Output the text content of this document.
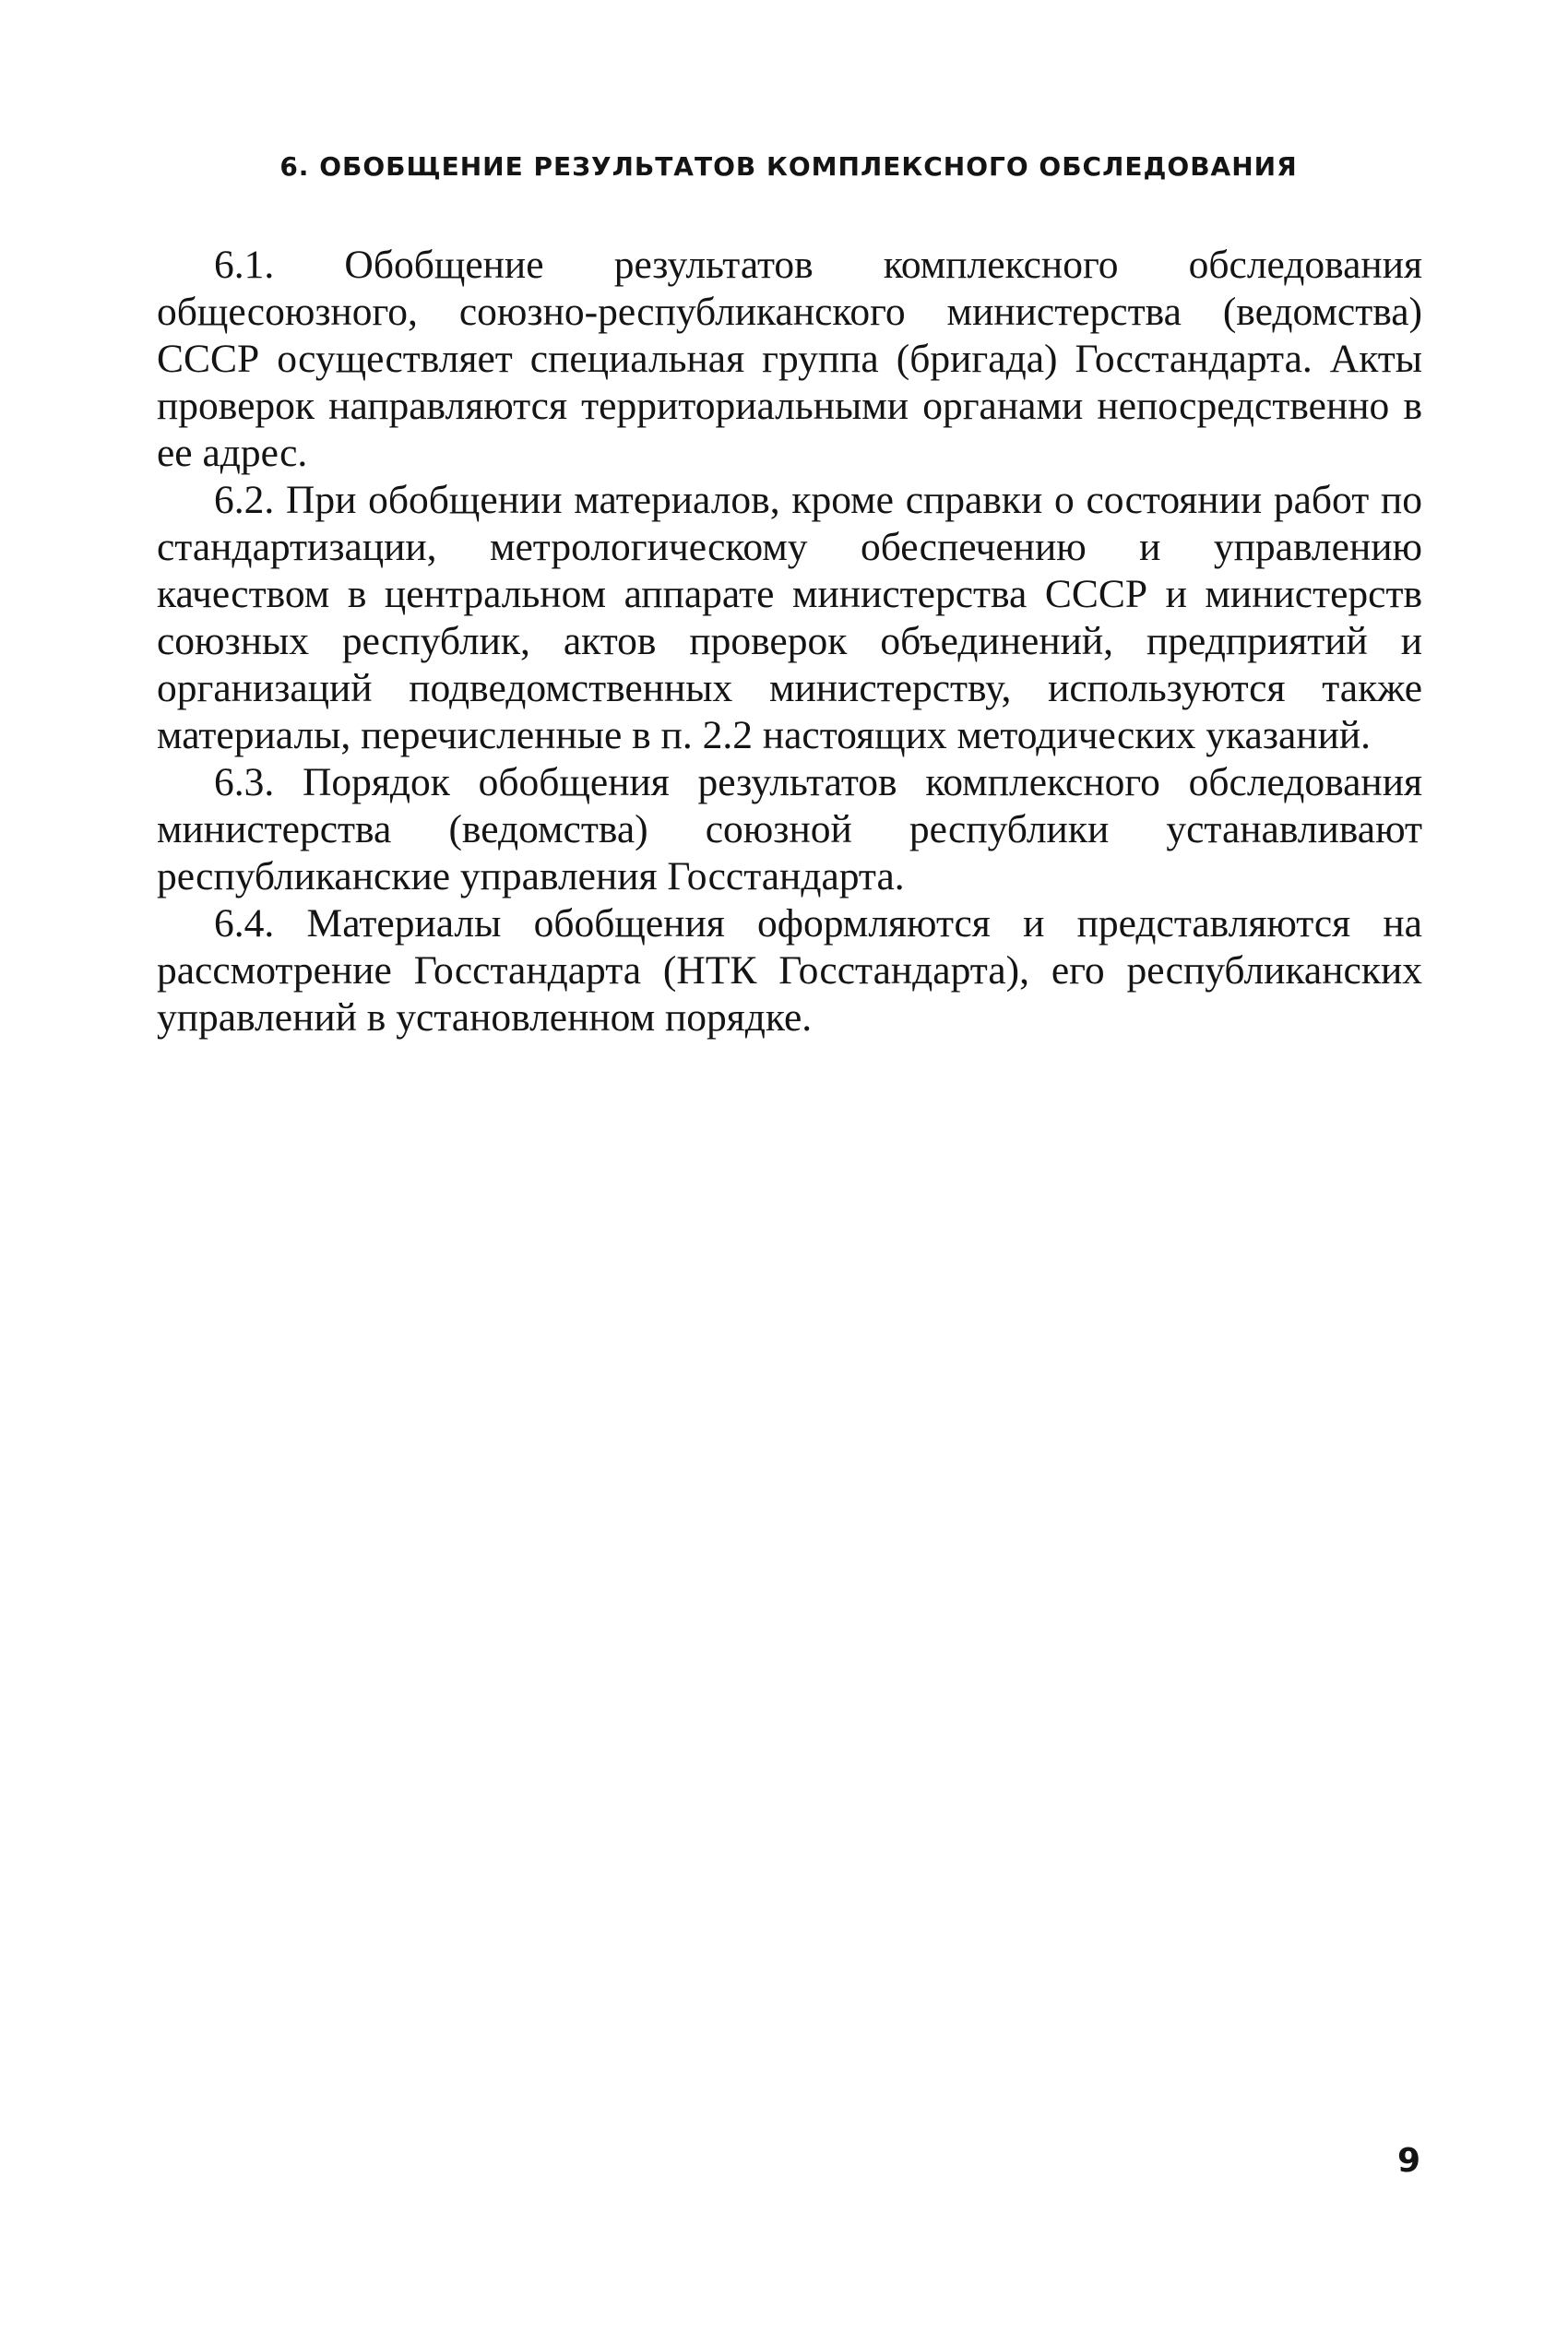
6. ОБОБЩЕНИЕ РЕЗУЛЬТАТОВ КОМПЛЕКСНОГО ОБСЛЕДОВАНИЯ

6.1. Обобщение результатов комплексного обследования общесоюзного, союзно-республиканского министерства (ведомства) СССР осуществляет специальная группа (бригада) Госстандарта. Акты проверок направляются территориальными органами непосредственно в ее адрес.

6.2. При обобщении материалов, кроме справки о состоянии работ по стандартизации, метрологическому обеспечению и управлению качеством в центральном аппарате министерства СССР и министерств союзных республик, актов проверок объединений, предприятий и организаций подведомственных министерству, используются также материалы, перечисленные в п. 2.2 настоящих методических указаний.

6.3. Порядок обобщения результатов комплексного обследования министерства (ведомства) союзной республики устанавливают республиканские управления Госстандарта.

6.4. Материалы обобщения оформляются и представляются на рассмотрение Госстандарта (НТК Госстандарта), его республиканских управлений в установленном порядке.

9
